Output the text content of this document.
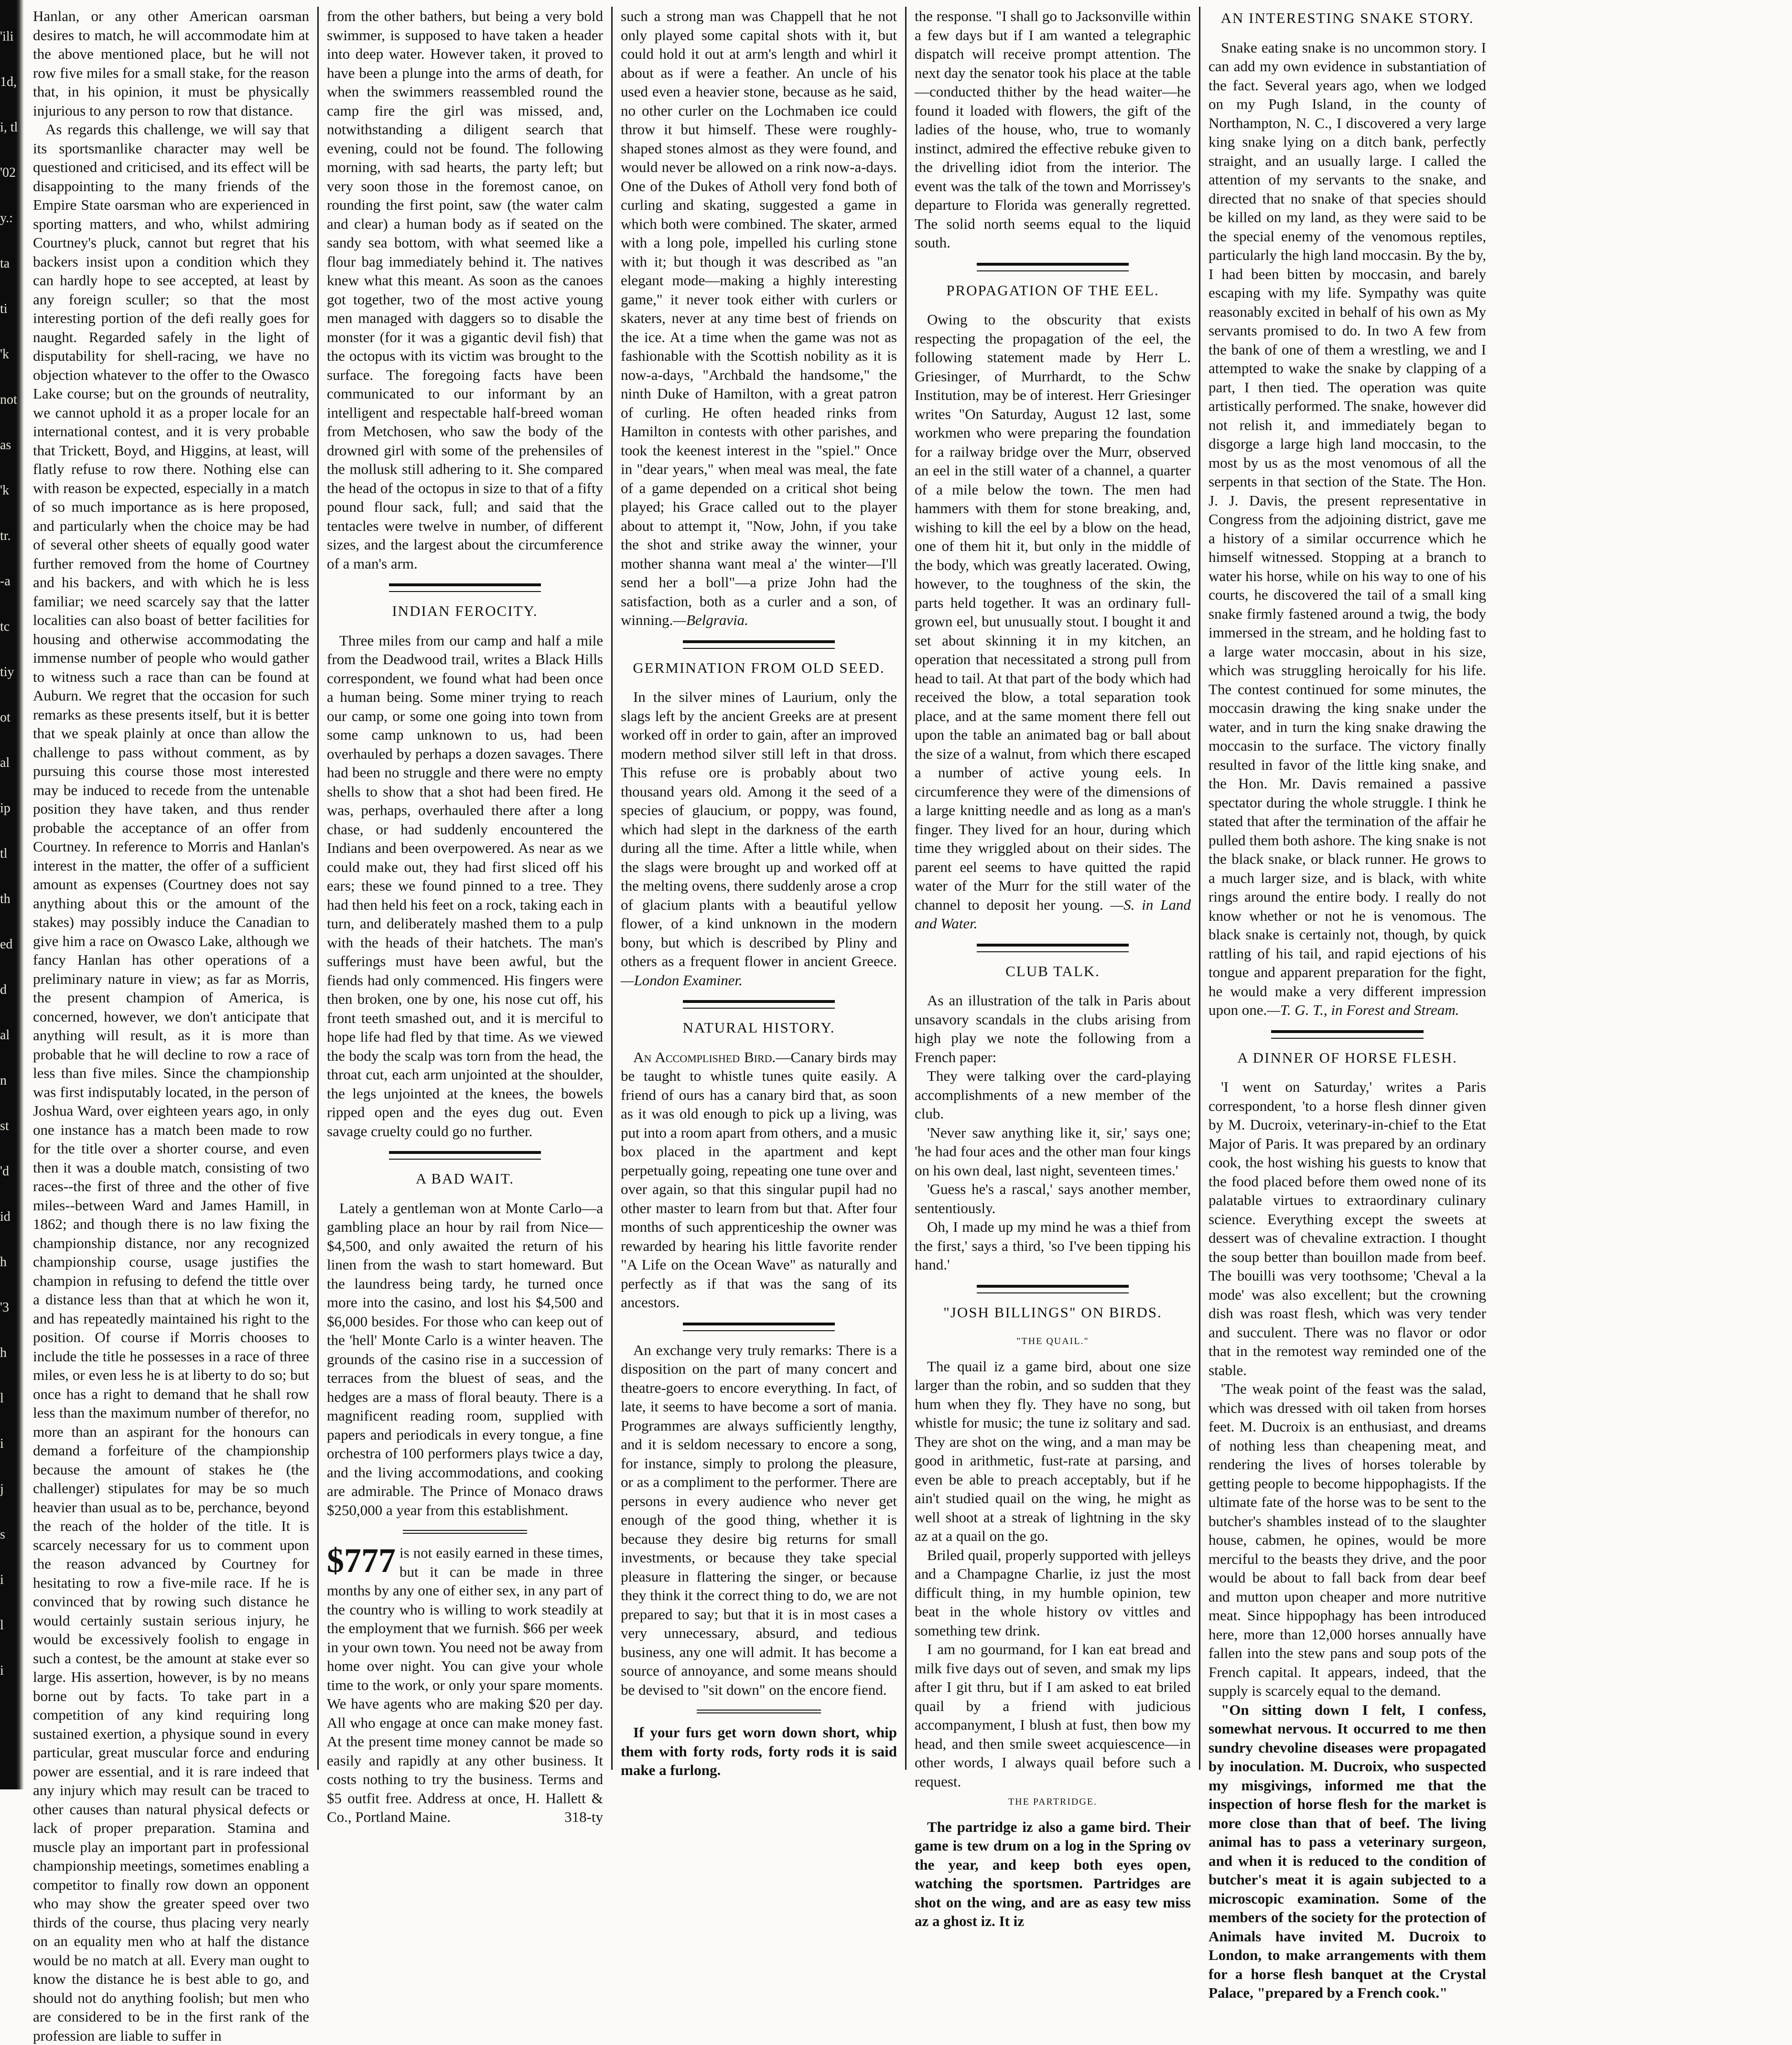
'ili
1d,
i, tl
'02
y.:
ta
ti
'k
not
as
'k
tr.
-a
tc
tiy
ot
al
ip
tl
th
ed
d
al
n
st
'd
id
h
'3
h
l
i
j
s
i
l
i

Hanlan, or any other American oarsman desires to match, he will accommodate him at the above mentioned place, but he will not row five miles for a small stake, for the reason that, in his opinion, it must be physically injurious to any person to row that distance.

As regards this challenge, we will say that its sportsmanlike character may well be questioned and criticised, and its effect will be disappointing to the many friends of the Empire State oarsman who are experienced in sporting matters, and who, whilst admiring Courtney's pluck, cannot but regret that his backers insist upon a condition which they can hardly hope to see accepted, at least by any foreign sculler; so that the most interesting portion of the defi really goes for naught. Regarded safely in the light of disputability for shell-racing, we have no objection whatever to the offer to the Owasco Lake course; but on the grounds of neutrality, we cannot uphold it as a proper locale for an international contest, and it is very probable that Trickett, Boyd, and Higgins, at least, will flatly refuse to row there. Nothing else can with reason be expected, especially in a match of so much importance as is here proposed, and particularly when the choice may be had of several other sheets of equally good water further removed from the home of Courtney and his backers, and with which he is less familiar; we need scarcely say that the latter localities can also boast of better facilities for housing and otherwise accommodating the immense number of people who would gather to witness such a race than can be found at Auburn. We regret that the occasion for such remarks as these presents itself, but it is better that we speak plainly at once than allow the challenge to pass without comment, as by pursuing this course those most interested may be induced to recede from the untenable position they have taken, and thus render probable the acceptance of an offer from Courtney. In reference to Morris and Hanlan's interest in the matter, the offer of a sufficient amount as expenses (Courtney does not say anything about this or the amount of the stakes) may possibly induce the Canadian to give him a race on Owasco Lake, although we fancy Hanlan has other operations of a preliminary nature in view; as far as Morris, the present champion of America, is concerned, however, we don't anticipate that anything will result, as it is more than probable that he will decline to row a race of less than five miles. Since the championship was first indisputably located, in the person of Joshua Ward, over eighteen years ago, in only one instance has a match been made to row for the title over a shorter course, and even then it was a double match, consisting of two races--the first of three and the other of five miles--between Ward and James Hamill, in 1862; and though there is no law fixing the championship distance, nor any recognized championship course, usage justifies the champion in refusing to defend the tittle over a distance less than that at which he won it, and has repeatedly maintained his right to the position. Of course if Morris chooses to include the title he possesses in a race of three miles, or even less he is at liberty to do so; but once has a right to demand that he shall row less than the maximum number of therefor, no more than an aspirant for the honours can demand a forfeiture of the championship because the amount of stakes he (the challenger) stipulates for may be so much heavier than usual as to be, perchance, beyond the reach of the holder of the title. It is scarcely necessary for us to comment upon the reason advanced by Courtney for hesitating to row a five-mile race. If he is convinced that by rowing such distance he would certainly sustain serious injury, he would be excessively foolish to engage in such a contest, be the amount at stake ever so large. His assertion, however, is by no means borne out by facts. To take part in a competition of any kind requiring long sustained exertion, a physique sound in every particular, great muscular force and enduring power are essential, and it is rare indeed that any injury which may result can be traced to other causes than natural physical defects or lack of proper preparation. Stamina and muscle play an important part in professional championship meetings, sometimes enabling a competitor to finally row down an opponent who may show the greater speed over two thirds of the course, thus placing very nearly on an equality men who at half the distance would be no match at all. Every man ought to know the distance he is best able to go, and should not do anything foolish; but men who are considered to be in the first rank of the profession are liable to suffer in

from the other bathers, but being a very bold swimmer, is supposed to have taken a header into deep water. However taken, it proved to have been a plunge into the arms of death, for when the swimmers reassembled round the camp fire the girl was missed, and, notwithstanding a diligent search that evening, could not be found. The following morning, with sad hearts, the party left; but very soon those in the foremost canoe, on rounding the first point, saw (the water calm and clear) a human body as if seated on the sandy sea bottom, with what seemed like a flour bag immediately behind it. The natives knew what this meant. As soon as the canoes got together, two of the most active young men managed with daggers so to disable the monster (for it was a gigantic devil fish) that the octopus with its victim was brought to the surface. The foregoing facts have been communicated to our informant by an intelligent and respectable half-breed woman from Metchosen, who saw the body of the drowned girl with some of the prehensiles of the mollusk still adhering to it. She compared the head of the octopus in size to that of a fifty pound flour sack, full; and said that the tentacles were twelve in number, of different sizes, and the largest about the circumference of a man's arm.

INDIAN FEROCITY.

Three miles from our camp and half a mile from the Deadwood trail, writes a Black Hills correspondent, we found what had been once a human being. Some miner trying to reach our camp, or some one going into town from some camp unknown to us, had been overhauled by perhaps a dozen savages. There had been no struggle and there were no empty shells to show that a shot had been fired. He was, perhaps, overhauled there after a long chase, or had suddenly encountered the Indians and been overpowered. As near as we could make out, they had first sliced off his ears; these we found pinned to a tree. They had then held his feet on a rock, taking each in turn, and deliberately mashed them to a pulp with the heads of their hatchets. The man's sufferings must have been awful, but the fiends had only commenced. His fingers were then broken, one by one, his nose cut off, his front teeth smashed out, and it is merciful to hope life had fled by that time. As we viewed the body the scalp was torn from the head, the throat cut, each arm unjointed at the shoulder, the legs unjointed at the knees, the bowels ripped open and the eyes dug out. Even savage cruelty could go no further.

A BAD WAIT.

Lately a gentleman won at Monte Carlo—a gambling place an hour by rail from Nice—$4,500, and only awaited the return of his linen from the wash to start homeward. But the laundress being tardy, he turned once more into the casino, and lost his $4,500 and $6,000 besides. For those who can keep out of the 'hell' Monte Carlo is a winter heaven. The grounds of the casino rise in a succession of terraces from the bluest of seas, and the hedges are a mass of floral beauty. There is a magnificent reading room, supplied with papers and periodicals in every tongue, a fine orchestra of 100 performers plays twice a day, and the living accommodations, and cooking are admirable. The Prince of Monaco draws $250,000 a year from this establishment.

$777 is not easily earned in these times, but it can be made in three months by any one of either sex, in any part of the country who is willing to work steadily at the employment that we furnish. $66 per week in your own town. You need not be away from home over night. You can give your whole time to the work, or only your spare moments. We have agents who are making $20 per day. All who engage at once can make money fast. At the present time money cannot be made so easily and rapidly at any other business. It costs nothing to try the business. Terms and $5 outfit free. Address at once, H. Hallett & Co., Portland Maine.	318-ty

such a strong man was Chappell that he not only played some capital shots with it, but could hold it out at arm's length and whirl it about as if were a feather. An uncle of his used even a heavier stone, because as he said, no other curler on the Lochmaben ice could throw it but himself. These were roughly-shaped stones almost as they were found, and would never be allowed on a rink now-a-days. One of the Dukes of Atholl very fond both of curling and skating, suggested a game in which both were combined. The skater, armed with a long pole, impelled his curling stone with it; but though it was described as "an elegant mode—making a highly interesting game," it never took either with curlers or skaters, never at any time best of friends on the ice. At a time when the game was not as fashionable with the Scottish nobility as it is now-a-days, "Archbald the handsome," the ninth Duke of Hamilton, with a great patron of curling. He often headed rinks from Hamilton in contests with other parishes, and took the keenest interest in the "spiel." Once in "dear years," when meal was meal, the fate of a game depended on a critical shot being played; his Grace called out to the player about to attempt it, "Now, John, if you take the shot and strike away the winner, your mother shanna want meal a' the winter—I'll send her a boll"—a prize John had the satisfaction, both as a curler and a son, of winning.—Belgravia.

GERMINATION FROM OLD SEED.

In the silver mines of Laurium, only the slags left by the ancient Greeks are at present worked off in order to gain, after an improved modern method silver still left in that dross. This refuse ore is probably about two thousand years old. Among it the seed of a species of glaucium, or poppy, was found, which had slept in the darkness of the earth during all the time. After a little while, when the slags were brought up and worked off at the melting ovens, there suddenly arose a crop of glacium plants with a beautiful yellow flower, of a kind unknown in the modern bony, but which is described by Pliny and others as a frequent flower in ancient Greece.—London Examiner.

NATURAL HISTORY.

An Accomplished Bird.—Canary birds may be taught to whistle tunes quite easily. A friend of ours has a canary bird that, as soon as it was old enough to pick up a living, was put into a room apart from others, and a music box placed in the apartment and kept perpetually going, repeating one tune over and over again, so that this singular pupil had no other master to learn from but that. After four months of such apprenticeship the owner was rewarded by hearing his little favorite render "A Life on the Ocean Wave" as naturally and perfectly as if that was the sang of its ancestors.

An exchange very truly remarks: There is a disposition on the part of many concert and theatre-goers to encore everything. In fact, of late, it seems to have become a sort of mania. Programmes are always sufficiently lengthy, and it is seldom necessary to encore a song, for instance, simply to prolong the pleasure, or as a compliment to the performer. There are persons in every audience who never get enough of the good thing, whether it is because they desire big returns for small investments, or because they take special pleasure in flattering the singer, or because they think it the correct thing to do, we are not prepared to say; but that it is in most cases a very unnecessary, absurd, and tedious business, any one will admit. It has become a source of annoyance, and some means should be devised to "sit down" on the encore fiend.

If your furs get worn down short, whip them with forty rods, forty rods it is said make a furlong.

the response. "I shall go to Jacksonville within a few days but if I am wanted a telegraphic dispatch will receive prompt attention. The next day the senator took his place at the table—conducted thither by the head waiter—he found it loaded with flowers, the gift of the ladies of the house, who, true to womanly instinct, admired the effective rebuke given to the drivelling idiot from the interior. The event was the talk of the town and Morrissey's departure to Florida was generally regretted. The solid north seems equal to the liquid south.

PROPAGATION OF THE EEL.

Owing to the obscurity that exists respecting the propagation of the eel, the following statement made by Herr L. Griesinger, of Murrhardt, to the Schw Institution, may be of interest. Herr Griesinger writes "On Saturday, August 12 last, some workmen who were preparing the foundation for a railway bridge over the Murr, observed an eel in the still water of a channel, a quarter of a mile below the town. The men had hammers with them for stone breaking, and, wishing to kill the eel by a blow on the head, one of them hit it, but only in the middle of the body, which was greatly lacerated. Owing, however, to the toughness of the skin, the parts held together. It was an ordinary full-grown eel, but unusually stout. I bought it and set about skinning it in my kitchen, an operation that necessitated a strong pull from head to tail. At that part of the body which had received the blow, a total separation took place, and at the same moment there fell out upon the table an animated bag or ball about the size of a walnut, from which there escaped a number of active young eels. In circumference they were of the dimensions of a large knitting needle and as long as a man's finger. They lived for an hour, during which time they wriggled about on their sides. The parent eel seems to have quitted the rapid water of the Murr for the still water of the channel to deposit her young. —S. in Land and Water.

CLUB TALK.

As an illustration of the talk in Paris about unsavory scandals in the clubs arising from high play we note the following from a French paper:

They were talking over the card-playing accomplishments of a new member of the club.

'Never saw anything like it, sir,' says one; 'he had four aces and the other man four kings on his own deal, last night, seventeen times.'

'Guess he's a rascal,' says another member, sententiously.

Oh, I made up my mind he was a thief from the first,' says a third, 'so I've been tipping his hand.'

"JOSH BILLINGS" ON BIRDS.
"THE QUAIL."

The quail iz a game bird, about one size larger than the robin, and so sudden that they hum when they fly. They have no song, but whistle for music; the tune iz solitary and sad. They are shot on the wing, and a man may be good in arithmetic, fust-rate at parsing, and even be able to preach acceptably, but if he ain't studied quail on the wing, he might as well shoot at a streak of lightning in the sky az at a quail on the go.

Briled quail, properly supported with jelleys and a Champagne Charlie, iz just the most difficult thing, in my humble opinion, tew beat in the whole history ov vittles and something tew drink.

I am no gourmand, for I kan eat bread and milk five days out of seven, and smak my lips after I git thru, but if I am asked to eat briled quail by a friend with judicious accompanyment, I blush at fust, then bow my head, and then smile sweet acquiescence—in other words, I always quail before such a request.

THE PARTRIDGE.

The partridge iz also a game bird. Their game is tew drum on a log in the Spring ov the year, and keep both eyes open, watching the sportsmen. Partridges are shot on the wing, and are as easy tew miss az a ghost iz. It iz

AN INTERESTING SNAKE STORY.

Snake eating snake is no uncommon story. I can add my own evidence in substantiation of the fact. Several years ago, when we lodged on my Pugh Island, in the county of Northampton, N. C., I discovered a very large king snake lying on a ditch bank, perfectly straight, and an usually large. I called the attention of my servants to the snake, and directed that no snake of that species should be killed on my land, as they were said to be the special enemy of the venomous reptiles, particularly the high land moccasin. By the by, I had been bitten by moccasin, and barely escaping with my life. Sympathy was quite reasonably excited in behalf of his own as My servants promised to do. In two A few from the bank of one of them a wrestling, we and I attempted to wake the snake by clapping of a part, I then tied. The operation was quite artistically performed. The snake, however did not relish it, and immediately began to disgorge a large high land moccasin, to the most by us as the most venomous of all the serpents in that section of the State. The Hon. J. J. Davis, the present representative in Congress from the adjoining district, gave me a history of a similar occurrence which he himself witnessed. Stopping at a branch to water his horse, while on his way to one of his courts, he discovered the tail of a small king snake firmly fastened around a twig, the body immersed in the stream, and he holding fast to a large water moccasin, about in his size, which was struggling heroically for his life. The contest continued for some minutes, the moccasin drawing the king snake under the water, and in turn the king snake drawing the moccasin to the surface. The victory finally resulted in favor of the little king snake, and the Hon. Mr. Davis remained a passive spectator during the whole struggle. I think he stated that after the termination of the affair he pulled them both ashore. The king snake is not the black snake, or black runner. He grows to a much larger size, and is black, with white rings around the entire body. I really do not know whether or not he is venomous. The black snake is certainly not, though, by quick rattling of his tail, and rapid ejections of his tongue and apparent preparation for the fight, he would make a very different impression upon one.—T. G. T., in Forest and Stream.

A DINNER OF HORSE FLESH.

'I went on Saturday,' writes a Paris correspondent, 'to a horse flesh dinner given by M. Ducroix, veterinary-in-chief to the Etat Major of Paris. It was prepared by an ordinary cook, the host wishing his guests to know that the food placed before them owed none of its palatable virtues to extraordinary culinary science. Everything except the sweets at dessert was of chevaline extraction. I thought the soup better than bouillon made from beef. The bouilli was very toothsome; 'Cheval a la mode' was also excellent; but the crowning dish was roast flesh, which was very tender and succulent. There was no flavor or odor that in the remotest way reminded one of the stable.

'The weak point of the feast was the salad, which was dressed with oil taken from horses feet. M. Ducroix is an enthusiast, and dreams of nothing less than cheapening meat, and rendering the lives of horses tolerable by getting people to become hippophagists. If the ultimate fate of the horse was to be sent to the butcher's shambles instead of to the slaughter house, cabmen, he opines, would be more merciful to the beasts they drive, and the poor would be about to fall back from dear beef and mutton upon cheaper and more nutritive meat. Since hippophagy has been introduced here, more than 12,000 horses annually have fallen into the stew pans and soup pots of the French capital. It appears, indeed, that the supply is scarcely equal to the demand.

"On sitting down I felt, I confess, somewhat nervous. It occurred to me then sundry chevoline diseases were propagated by inoculation. M. Ducroix, who suspected my misgivings, informed me that the inspection of horse flesh for the market is more close than that of beef. The living animal has to pass a veterinary surgeon, and when it is reduced to the condition of butcher's meat it is again subjected to a microscopic examination. Some of the members of the society for the protection of Animals have invited M. Ducroix to London, to make arrangements with them for a horse flesh banquet at the Crystal Palace, "prepared by a French cook."
